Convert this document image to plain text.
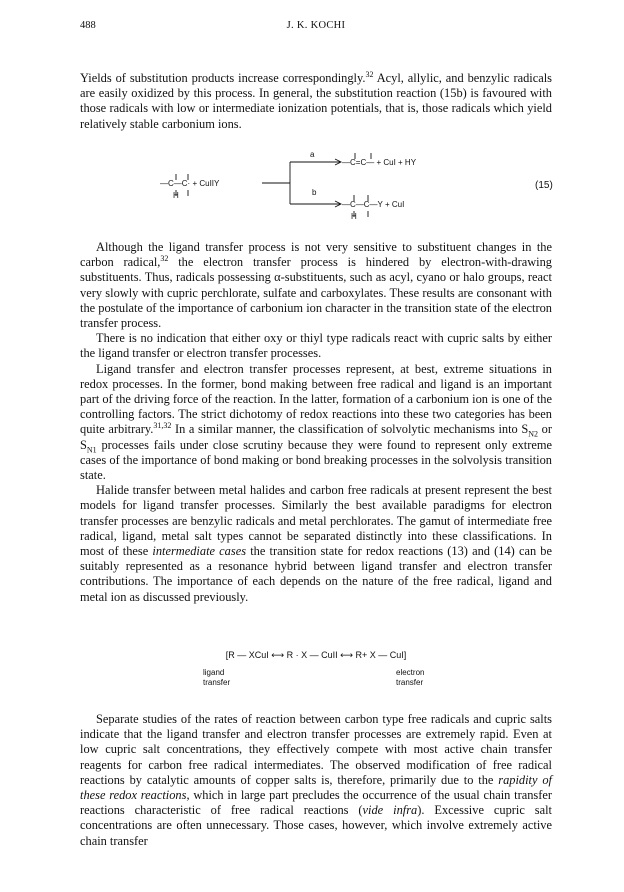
488	J. K. KOCHI

Yields of substitution products increase correspondingly.$^{32}$ Acyl, allylic, and benzylic radicals are easily oxidized by this process. In general, the substitution reaction (15b) is favoured with those radicals with low or intermediate ionization potentials, that is, those radicals which yield relatively stable carbonium ions.

—C—C· + CuIIY
H
a
b
—C=C— + CuI + HY
—C—C—Y + CuI
H
(15)

Although the ligand transfer process is not very sensitive to substituent changes in the carbon radical,$^{32}$ the electron transfer process is hindered by electron-with-drawing substituents. Thus, radicals possessing α-substituents, such as acyl, cyano or halo groups, react very slowly with cupric perchlorate, sulfate and carboxylates. These results are consonant with the postulate of the importance of carbonium ion character in the transition state of the electron transfer process.

There is no indication that either oxy or thiyl type radicals react with cupric salts by either the ligand transfer or electron transfer processes.

Ligand transfer and electron transfer processes represent, at best, extreme situations in redox processes. In the former, bond making between free radical and ligand is an important part of the driving force of the reaction. In the latter, formation of a carbonium ion is one of the controlling factors. The strict dichotomy of redox reactions into these two categories has been quite arbitrary.$^{31,32}$ In a similar manner, the classification of solvolytic mechanisms into $S_{N2}$ or $S_{N1}$ processes fails under close scrutiny because they were found to represent only extreme cases of the importance of bond making or bond breaking processes in the solvolysis transition state.

Halide transfer between metal halides and carbon free radicals at present represent the best models for ligand transfer processes. Similarly the best available paradigms for electron transfer processes are benzylic radicals and metal perchlorates. The gamut of intermediate free radical, ligand, metal salt types cannot be separated distinctly into these classifications. In most of these intermediate cases the transition state for redox reactions (13) and (14) can be suitably represented as a resonance hybrid between ligand transfer and electron transfer contributions. The importance of each depends on the nature of the free radical, ligand and metal ion as discussed previously.

[R — XCuI ⟷ R · X — CuII ⟷ R+ X — CuI]
ligand
transfer
electron
transfer

Separate studies of the rates of reaction between carbon type free radicals and cupric salts indicate that the ligand transfer and electron transfer processes are extremely rapid. Even at low cupric salt concentrations, they effectively compete with most active chain transfer reagents for carbon free radical intermediates. The observed modification of free radical reactions by catalytic amounts of copper salts is, therefore, primarily due to the rapidity of these redox reactions, which in large part precludes the occurrence of the usual chain transfer reactions characteristic of free radical reactions (vide infra). Excessive cupric salt concentrations are often unnecessary. Those cases, however, which involve extremely active chain transfer
